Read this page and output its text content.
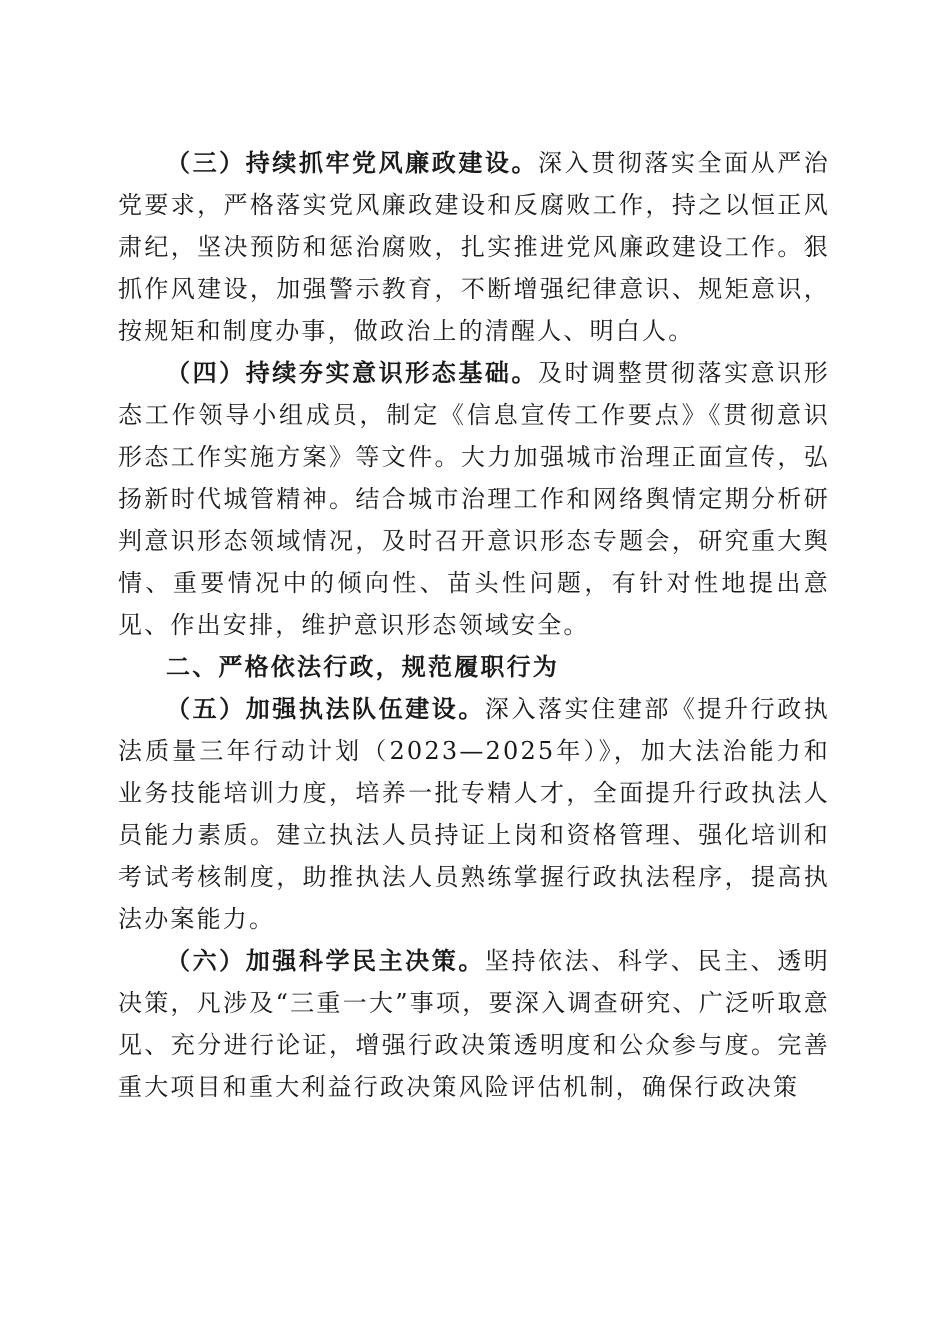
（三）持续抓牢党风廉政建设。深入贯彻落实全面从严治党要求，严格落实党风廉政建设和反腐败工作，持之以恒正风肃纪，坚决预防和惩治腐败，扎实推进党风廉政建设工作。狠抓作风建设，加强警示教育，不断增强纪律意识、规矩意识，按规矩和制度办事，做政治上的清醒人、明白人。

（四）持续夯实意识形态基础。及时调整贯彻落实意识形态工作领导小组成员，制定《信息宣传工作要点》《贯彻意识形态工作实施方案》等文件。大力加强城市治理正面宣传，弘扬新时代城管精神。结合城市治理工作和网络舆情定期分析研判意识形态领域情况，及时召开意识形态专题会，研究重大舆情、重要情况中的倾向性、苗头性问题，有针对性地提出意见、作出安排，维护意识形态领域安全。

二、严格依法行政，规范履职行为

（五）加强执法队伍建设。深入落实住建部《提升行政执法质量三年行动计划（2023—2025年）》，加大法治能力和业务技能培训力度，培养一批专精人才，全面提升行政执法人员能力素质。建立执法人员持证上岗和资格管理、强化培训和考试考核制度，助推执法人员熟练掌握行政执法程序，提高执法办案能力。

（六）加强科学民主决策。坚持依法、科学、民主、透明决策，凡涉及“三重一大”事项，要深入调查研究、广泛听取意见、充分进行论证，增强行政决策透明度和公众参与度。完善重大项目和重大利益行政决策风险评估机制，确保行政决策
